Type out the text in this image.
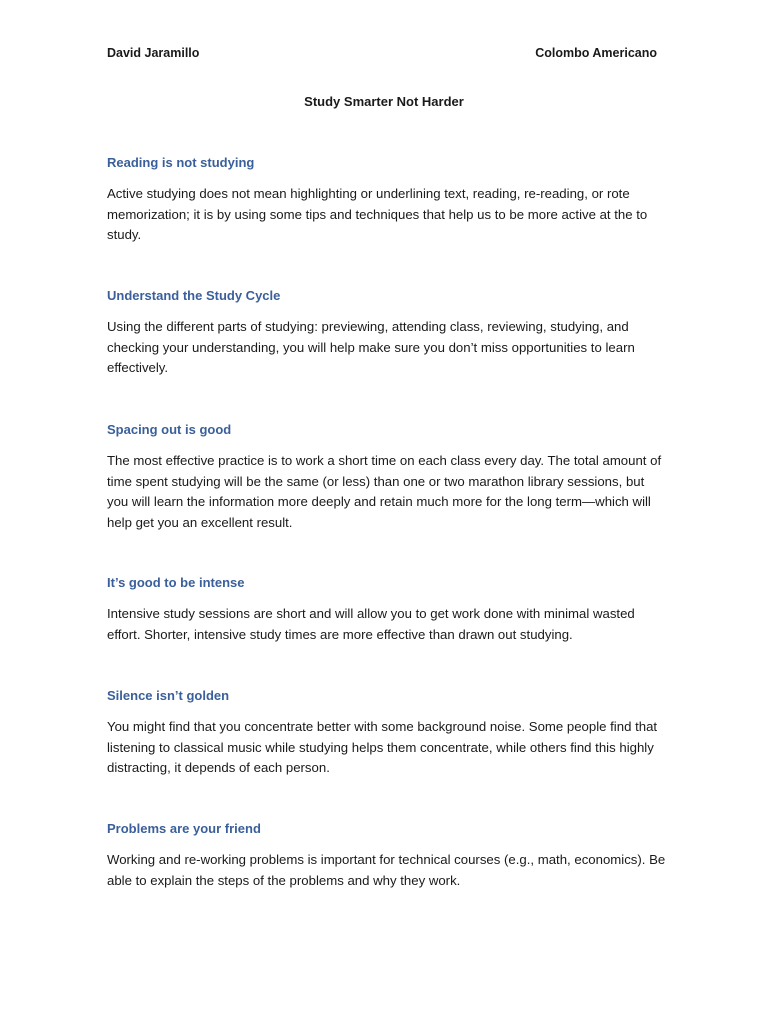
David Jaramillo	Colombo Americano
Study Smarter Not Harder
Reading is not studying

Active studying does not mean highlighting or underlining text, reading, re-reading, or rote memorization; it is by using some tips and techniques that help us to be more active at the to study.

Understand the Study Cycle

Using the different parts of studying: previewing, attending class, reviewing, studying, and checking your understanding, you will help make sure you don’t miss opportunities to learn effectively.

Spacing out is good

The most effective practice is to work a short time on each class every day. The total amount of time spent studying will be the same (or less) than one or two marathon library sessions, but you will learn the information more deeply and retain much more for the long term—which will help get you an excellent result.

It’s good to be intense

Intensive study sessions are short and will allow you to get work done with minimal wasted effort. Shorter, intensive study times are more effective than drawn out studying.

Silence isn’t golden

You might find that you concentrate better with some background noise. Some people find that listening to classical music while studying helps them concentrate, while others find this highly distracting, it depends of each person.

Problems are your friend

Working and re-working problems is important for technical courses (e.g., math, economics). Be able to explain the steps of the problems and why they work.
